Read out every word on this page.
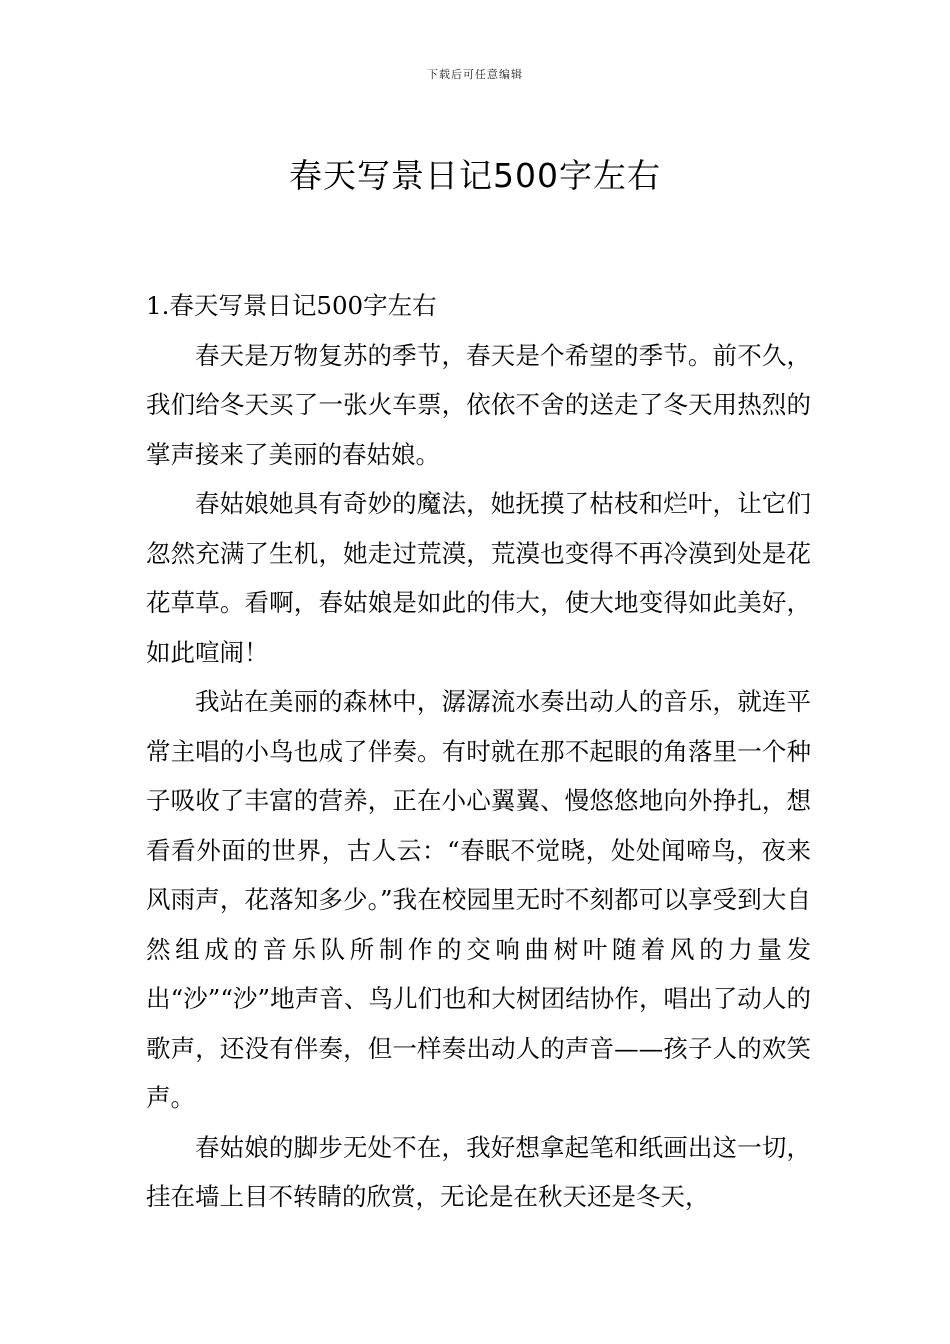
下载后可任意编辑
春天写景日记500字左右

1.春天写景日记500字左右

春天是万物复苏的季节，春天是个希望的季节。前不久，我们给冬天买了一张火车票，依依不舍的送走了冬天用热烈的掌声接来了美丽的春姑娘。

春姑娘她具有奇妙的魔法，她抚摸了枯枝和烂叶，让它们忽然充满了生机，她走过荒漠，荒漠也变得不再冷漠到处是花花草草。看啊，春姑娘是如此的伟大，使大地变得如此美好，如此喧闹！

我站在美丽的森林中，潺潺流水奏出动人的音乐，就连平常主唱的小鸟也成了伴奏。有时就在那不起眼的角落里一个种子吸收了丰富的营养，正在小心翼翼、慢悠悠地向外挣扎，想看看外面的世界，古人云：“春眠不觉晓，处处闻啼鸟，夜来风雨声，花落知多少。”我在校园里无时不刻都可以享受到大自然组成的音乐队所制作的交响曲树叶随着风的力量发出“沙”“沙”地声音、鸟儿们也和大树团结协作，唱出了动人的歌声，还没有伴奏，但一样奏出动人的声音——孩子人的欢笑声。

春姑娘的脚步无处不在，我好想拿起笔和纸画出这一切，挂在墙上目不转睛的欣赏，无论是在秋天还是冬天，
